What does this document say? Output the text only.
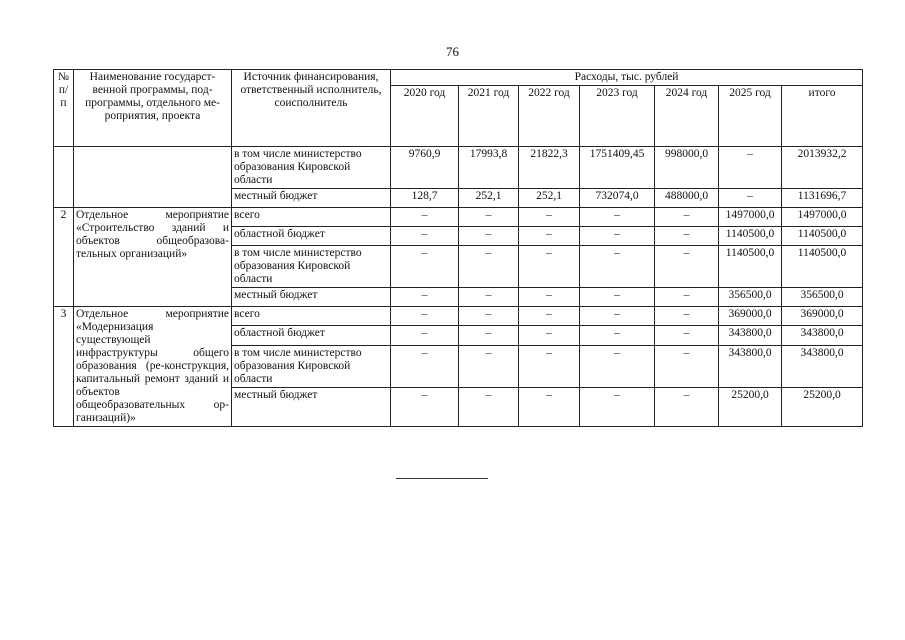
76
№ п/п	Наименование государст-венной программы, под-программы, отдельного ме-роприятия, проекта	Источник финансирования, ответственный исполнитель, соисполнитель	Расходы, тыс. рублей						
			2020 год	2021 год	2022 год	2023 год	2024 год	2025 год	итого
		в том числе министерство образования Кировской области	9760,9	17993,8	21822,3	1751409,45	998000,0	–	2013932,2
		местный бюджет	128,7	252,1	252,1	732074,0	488000,0	–	1131696,7
2	Отдельное мероприятие «Строительство зданий и объектов общеобразова-тельных организаций»	всего	–	–	–	–	–	1497000,0	1497000,0
		областной бюджет	–	–	–	–	–	1140500,0	1140500,0
		в том числе министерство образования Кировской области	–	–	–	–	–	1140500,0	1140500,0
		местный бюджет	–	–	–	–	–	356500,0	356500,0
3	Отдельное мероприятие «Модернизация существующей инфраструктуры общего образования (ре-конструкция, капитальный ремонт зданий и объектов общеобразовательных ор-ганизаций)»	всего	–	–	–	–	–	369000,0	369000,0
		областной бюджет	–	–	–	–	–	343800,0	343800,0
		в том числе министерство образования Кировской области	–	–	–	–	–	343800,0	343800,0
		местный бюджет	–	–	–	–	–	25200,0	25200,0
